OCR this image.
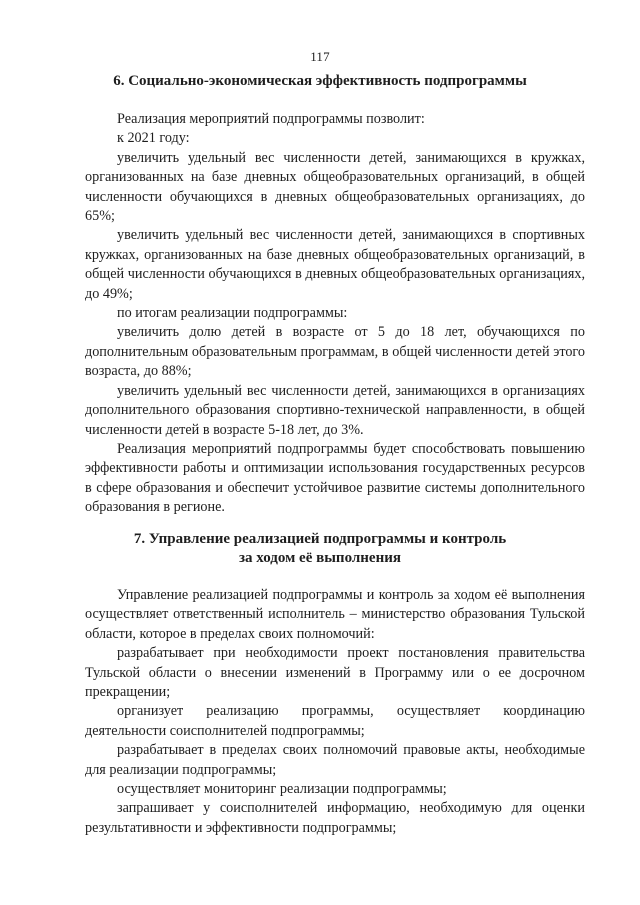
117
6. Социально-экономическая эффективность подпрограммы

Реализация мероприятий подпрограммы позволит:

к 2021 году:

увеличить удельный вес численности детей, занимающихся в кружках, организованных на базе дневных общеобразовательных организаций, в общей численности обучающихся в дневных общеобразовательных организациях, до 65%;

увеличить удельный вес численности детей, занимающихся в спортивных кружках, организованных на базе дневных общеобразовательных организаций, в общей численности обучающихся в дневных общеобразовательных организациях, до 49%;

по итогам реализации подпрограммы:

увеличить долю детей в возрасте от 5 до 18 лет, обучающихся по дополнительным образовательным программам, в общей численности детей этого возраста, до 88%;

увеличить удельный вес численности детей, занимающихся в организациях дополнительного образования спортивно-технической направленности, в общей численности детей в возрасте 5-18 лет, до 3%.

Реализация мероприятий подпрограммы будет способствовать повышению эффективности работы и оптимизации использования государственных ресурсов в сфере образования и обеспечит устойчивое развитие системы дополнительного образования в регионе.

7. Управление реализацией подпрограммы и контроль
за ходом её выполнения

Управление реализацией подпрограммы и контроль за ходом её выполнения осуществляет ответственный исполнитель – министерство образования Тульской области, которое в пределах своих полномочий:

разрабатывает при необходимости проект постановления правительства Тульской области о внесении изменений в Программу или о ее досрочном прекращении;

организует реализацию программы, осуществляет координацию деятельности соисполнителей подпрограммы;

разрабатывает в пределах своих полномочий правовые акты, необходимые для реализации подпрограммы;

осуществляет мониторинг реализации подпрограммы;

запрашивает у соисполнителей информацию, необходимую для оценки результативности и эффективности подпрограммы;
